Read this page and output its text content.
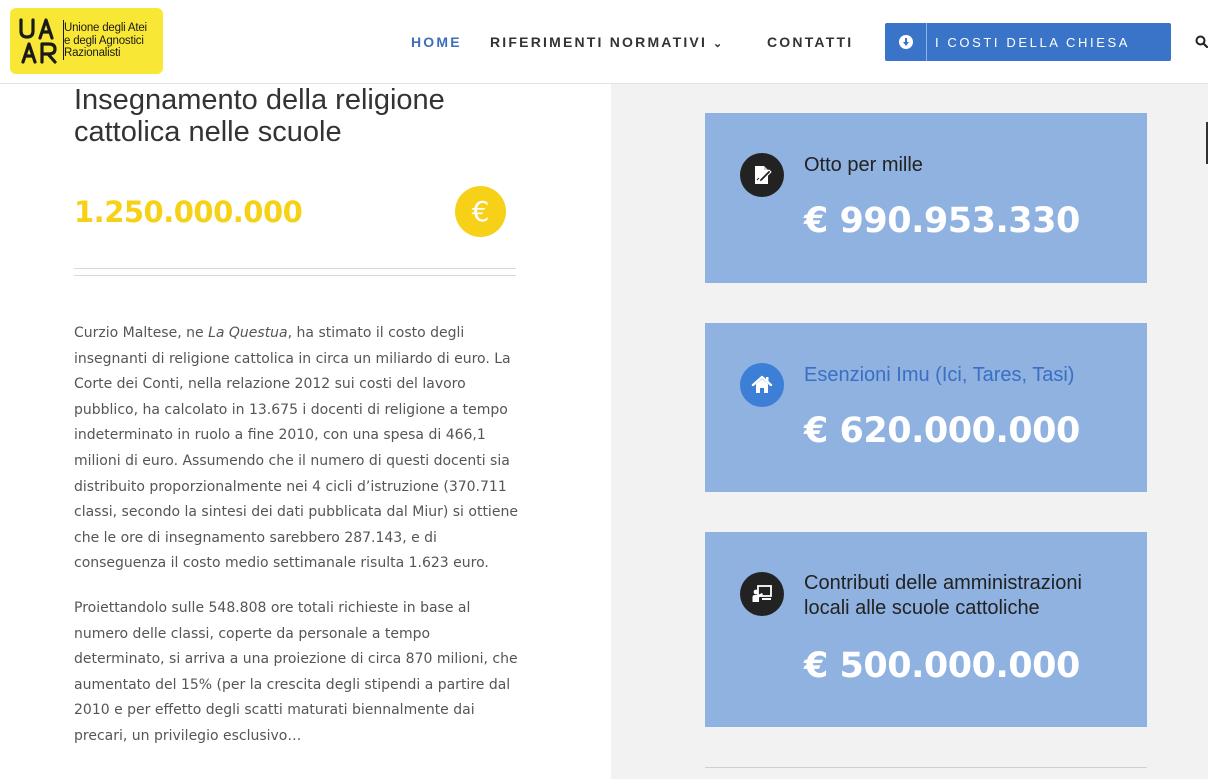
Unione degli Atei
e degli Agnostici
Razionalisti
HOME RIFERIMENTI NORMATIVI ⌄	CONTATTI	I COSTI DELLA CHIESA
Insegnamento della religione cattolica nelle scuole
1.250.000.000	€

Curzio Maltese, ne La Questua, ha stimato il costo degli insegnanti di religione cattolica in circa un miliardo di euro. La Corte dei Conti, nella relazione 2012 sui costi del lavoro pubblico, ha calcolato in 13.675 i docenti di religione a tempo indeterminato in ruolo a fine 2010, con una spesa di 466,1 milioni di euro. Assumendo che il numero di questi docenti sia distribuito proporzionalmente nei 4 cicli d’istruzione (370.711 classi, secondo la sintesi dei dati pubblicata dal Miur) si ottiene che le ore di insegnamento sarebbero 287.143, e di conseguenza il costo medio settimanale risulta 1.623 euro.

Proiettandolo sulle 548.808 ore totali richieste in base al numero delle classi, coperte da personale a tempo determinato, si arriva a una proiezione di circa 870 milioni, che aumentato del 15% (per la crescita degli stipendi a partire dal 2010 e per effetto degli scatti maturati biennalmente dai precari, un privilegio esclusivo…

Otto per mille
€ 990.953.330
Esenzioni Imu (Ici, Tares, Tasi)
€ 620.000.000
Contributi delle amministrazioni locali alle scuole cattoliche
€ 500.000.000
